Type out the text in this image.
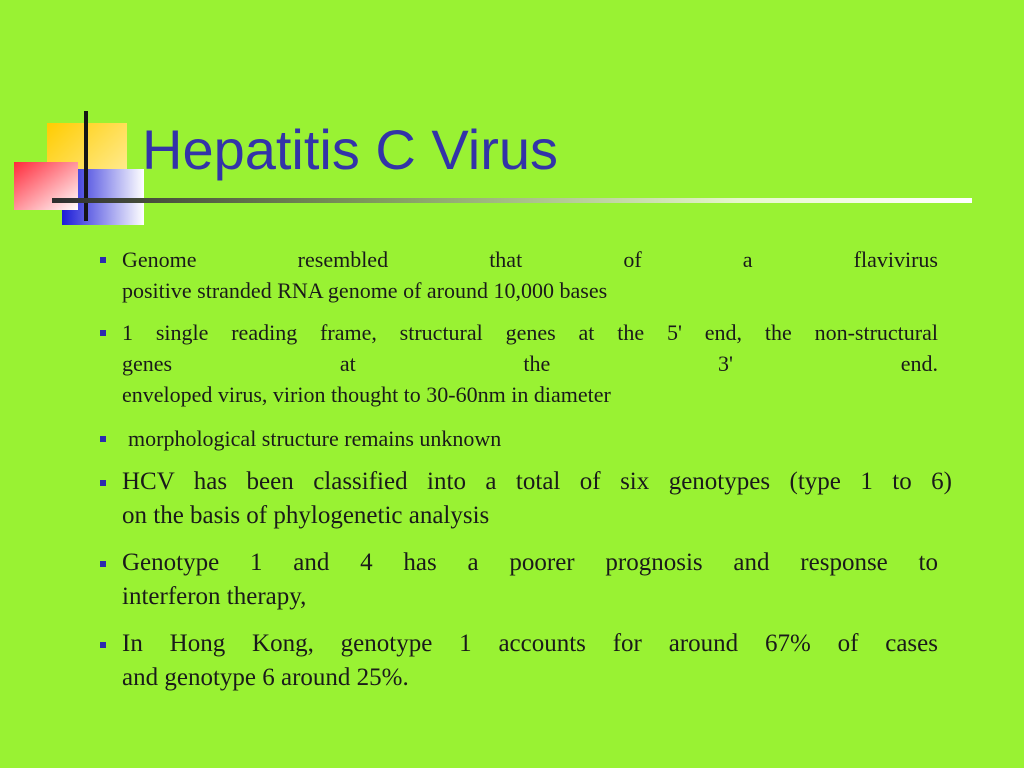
Hepatitis C Virus
Genome resembled that of a flavivirus
positive stranded RNA genome of around 10,000 bases
1 single reading frame, structural genes at the 5' end, the non-structural
genes at the 3' end.
enveloped virus, virion thought to 30-60nm in diameter
morphological structure remains unknown
HCV has been classified into a total of six genotypes (type 1 to 6)
on the basis of phylogenetic analysis
Genotype 1 and 4 has a poorer prognosis and response to
interferon therapy,
In Hong Kong, genotype 1 accounts for around 67% of cases
and genotype 6 around 25%.
